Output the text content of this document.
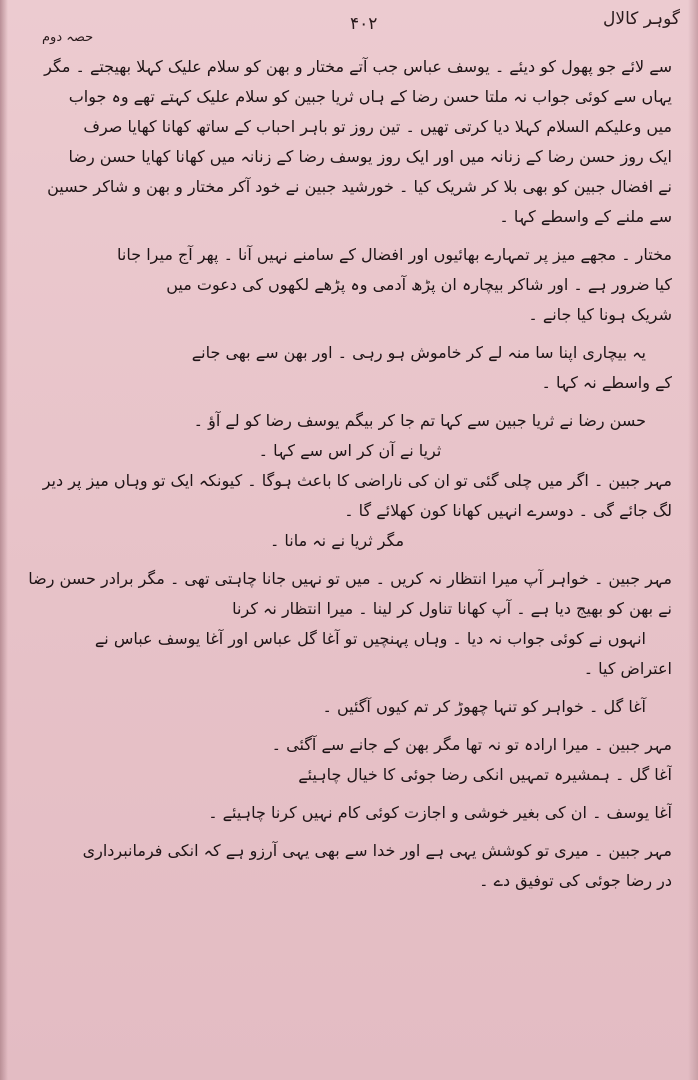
گوہر کالال
۴۰۲
حصہ دوم
سے لائے جو پھول کو دیئے ۔ یوسف عباس جب آتے مختار و بھن کو سلام علیک کہلا بھیجتے ۔ مگر
یہاں سے کوئی جواب نہ ملتا حسن رضا کے ہاں ثریا جبین کو سلام علیک کہتے تھے وہ جواب
میں وعلیکم السلام کہلا دیا کرتی تھیں ۔ تین روز تو باہر احباب کے ساتھ کھانا کھایا صرف
ایک روز حسن رضا کے زنانہ میں اور ایک روز یوسف رضا کے زنانہ میں کھانا کھایا حسن رضا
نے افضال جبین کو بھی بلا کر شریک کیا ۔ خورشید جبین نے خود آکر مختار و بھن و شاکر حسین
سے ملنے کے واسطے کہا ۔
مختار ۔ مجھے میز پر تمہارے بھائیوں اور افضال کے سامنے نہیں آنا ۔ پھر آج میرا جانا
کیا ضرور ہے ۔ اور شاکر بیچارہ ان پڑھ آدمی وہ پڑھے لکھوں کی دعوت میں
شریک ہونا کیا جانے ۔
یہ بیچاری اپنا سا منہ لے کر خاموش ہو رہی ۔ اور بھن سے بھی جانے
کے واسطے نہ کہا ۔
حسن رضا نے ثریا جبین سے کہا تم جا کر بیگم یوسف رضا کو لے آؤ ۔
ثریا نے آن کر اس سے کہا ۔
مہر جبین ۔ اگر میں چلی گئی تو ان کی ناراضی کا باعث ہوگا ۔ کیونکہ ایک تو وہاں میز پر دیر
لگ جائے گی ۔ دوسرے انہیں کھانا کون کھلائے گا ۔
مگر ثریا نے نہ مانا ۔
مہر جبین ۔ خواہر آپ میرا انتظار نہ کریں ۔ میں تو نہیں جانا چاہتی تھی ۔ مگر برادر حسن رضا
نے بھن کو بھیج دیا ہے ۔ آپ کھانا تناول کر لینا ۔ میرا انتظار نہ کرنا
انہوں نے کوئی جواب نہ دیا ۔ وہاں پہنچیں تو آغا گل عباس اور آغا یوسف عباس نے
اعتراض کیا ۔
آغا گل ۔ خواہر کو تنہا چھوڑ کر تم کیوں آگئیں ۔
مہر جبین ۔ میرا ارادہ تو نہ تھا مگر بھن کے جانے سے آگئی ۔
آغا گل ۔ ہمشیرہ تمہیں انکی رضا جوئی کا خیال چاہیئے
آغا یوسف ۔ ان کی بغیر خوشی و اجازت کوئی کام نہیں کرنا چاہیئے ۔
مہر جبین ۔ میری تو کوشش یہی ہے اور خدا سے بھی یہی آرزو ہے کہ انکی فرمانبرداری
در رضا جوئی کی توفیق دے ۔
